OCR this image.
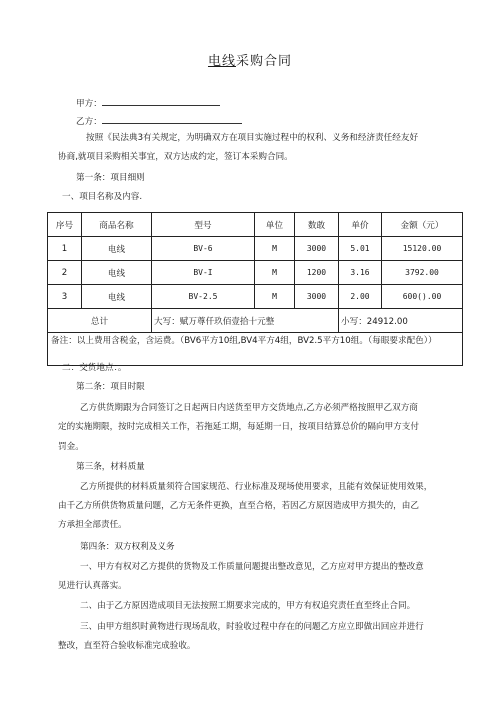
电线采购合同
甲方：
乙方：
按照《民法典3有关规定，为明确双方在项目实施过程中的权利、义务和经济责任经友好
协商,就项目采购相关事宜，双方达成约定，签订本采购合同。
第一条：项目细则
一、项目名称及内容.
序号	商品名称	型号	单位	数敢	单价	金额（元）
1	电线	BV-6	M	3000	5.01	15120.00
2	电线	BV-I	M	1200	3.16	3792.00
3	电线	BV-2.5	M	3000	2.00	600().00
总计		大写：赋万尊仟玖佰壹拾十元整			小写：24912.00	
备注：以上费用含税金，含运费。（BV6平方10组,BV4平方4组，BV2.5平方10组。（每眼要求配色））						
二：交货地点：。
第二条：项目时限
乙方供货期跟为合同签订之日起两日内送货至甲方交货地点,乙方必须严格按照甲乙双方商
定的实施期限，按时完成相关工作，若拖延工期，每延期一日，按项目结算总价的隔向甲方支付
罚金。
第三条，材料质量
乙方所提供的材料质量须符合国家规范、行业标准及现场使用要求，且能有效保证使用效果，
由千乙方所供货物质量问题，乙方无条件更换，直至合格，若因乙方原因造成甲方损失的，由乙
方承担全部责任。
第四条：双方权利及义务
一、甲方有权对乙方提供的货物及工作质量问题提出整改意见，乙方应对甲方提出的整改意
见进行认真落实。
二、由于乙方原因造成项目无法按照工期要求完成的，甲方有权追究责任直至终止合同。
三、由甲方组织时黄物进行现场乱收，时验收过程中存在的问题乙方应立即做出回应并进行
整改，直至符合验收标准完成验收。
